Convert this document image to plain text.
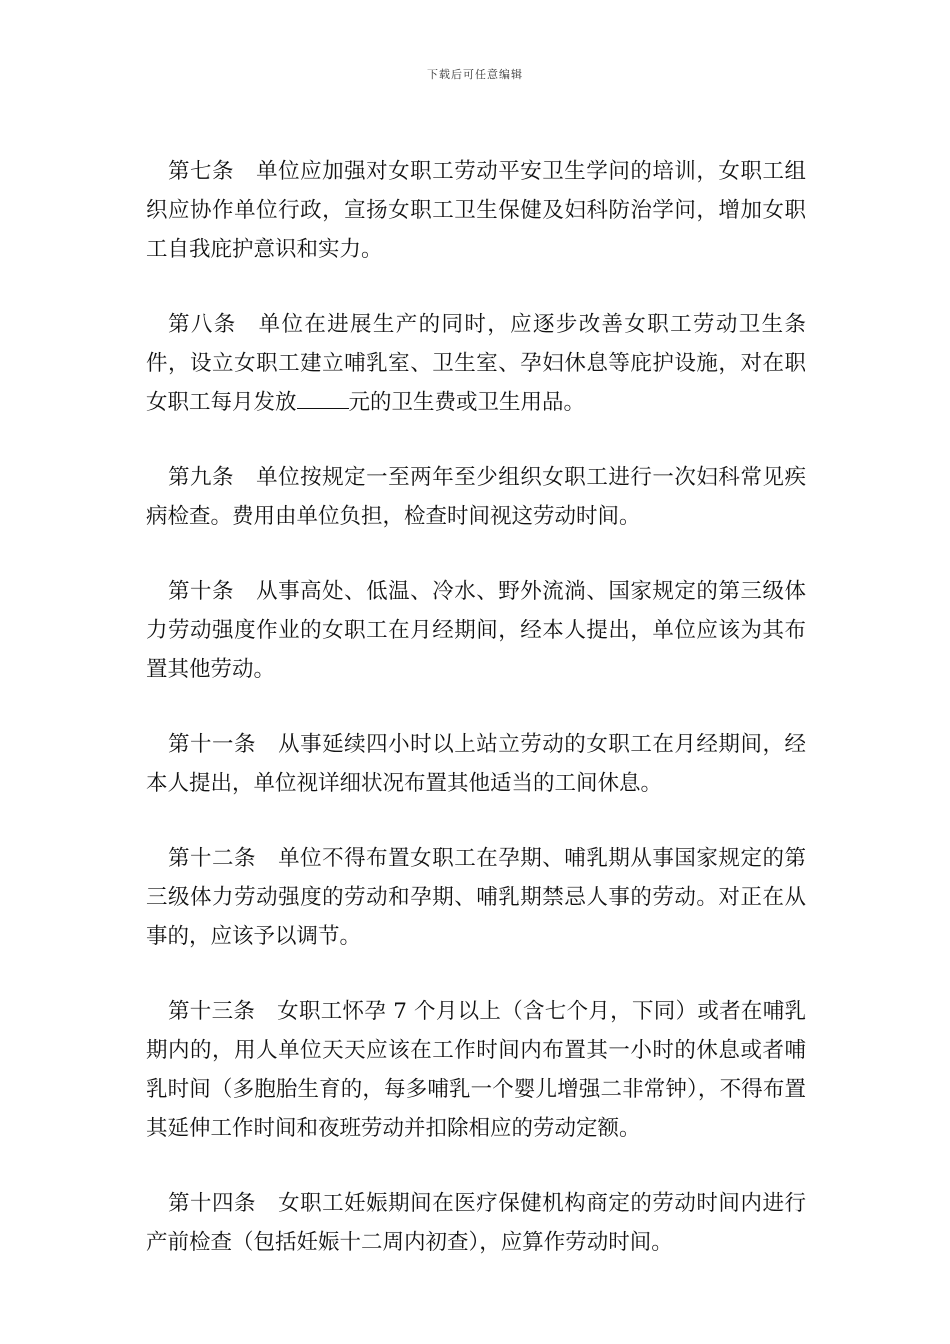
下载后可任意编辑

第七条 单位应加强对女职工劳动平安卫生学问的培训，女职工组织应协作单位行政，宣扬女职工卫生保健及妇科防治学问，增加女职工自我庇护意识和实力。

第八条 单位在进展生产的同时，应逐步改善女职工劳动卫生条件，设立女职工建立哺乳室、卫生室、孕妇休息等庇护设施，对在职女职工每月发放 元的卫生费或卫生用品。

第九条 单位按规定一至两年至少组织女职工进行一次妇科常见疾病检查。费用由单位负担，检查时间视这劳动时间。

第十条 从事高处、低温、冷水、野外流淌、国家规定的第三级体力劳动强度作业的女职工在月经期间，经本人提出，单位应该为其布置其他劳动。

第十一条 从事延续四小时以上站立劳动的女职工在月经期间，经本人提出，单位视详细状况布置其他适当的工间休息。

第十二条 单位不得布置女职工在孕期、哺乳期从事国家规定的第三级体力劳动强度的劳动和孕期、哺乳期禁忌人事的劳动。对正在从事的，应该予以调节。

第十三条 女职工怀孕 7 个月以上（含七个月，下同）或者在哺乳期内的，用人单位天天应该在工作时间内布置其一小时的休息或者哺乳时间（多胞胎生育的，每多哺乳一个婴儿增强二非常钟），不得布置其延伸工作时间和夜班劳动并扣除相应的劳动定额。

第十四条 女职工妊娠期间在医疗保健机构商定的劳动时间内进行产前检查（包括妊娠十二周内初查），应算作劳动时间。
